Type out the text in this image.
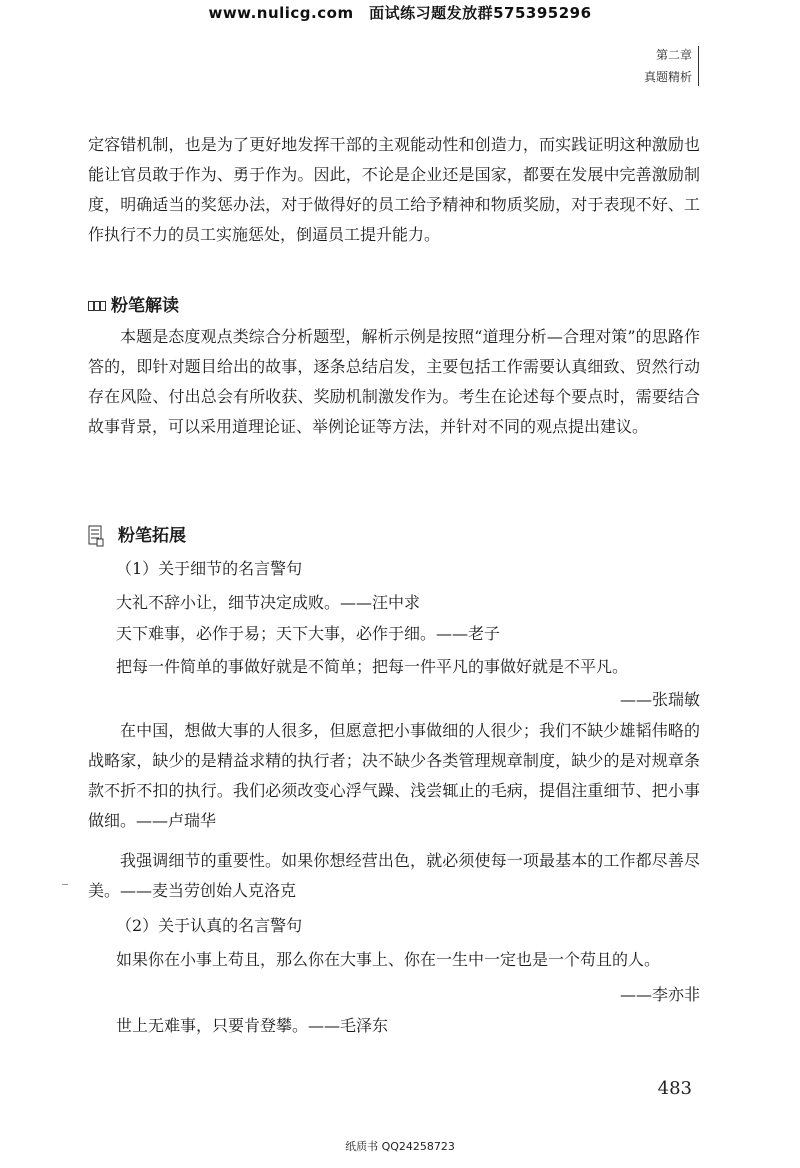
www.nulicg.com　面试练习题发放群575395296
第二章
真题精析

定容错机制，也是为了更好地发挥干部的主观能动性和创造力，而实践证明这种激励也能让官员敢于作为、勇于作为。因此，不论是企业还是国家，都要在发展中完善激励制度，明确适当的奖惩办法，对于做得好的员工给予精神和物质奖励，对于表现不好、工作执行不力的员工实施惩处，倒逼员工提升能力。

粉笔解读

本题是态度观点类综合分析题型，解析示例是按照“道理分析—合理对策”的思路作答的，即针对题目给出的故事，逐条总结启发，主要包括工作需要认真细致、贸然行动存在风险、付出总会有所收获、奖励机制激发作为。考生在论述每个要点时，需要结合故事背景，可以采用道理论证、举例论证等方法，并针对不同的观点提出建议。

粉笔拓展

（1）关于细节的名言警句

大礼不辞小让，细节决定成败。——汪中求

天下难事，必作于易；天下大事，必作于细。——老子

把每一件简单的事做好就是不简单；把每一件平凡的事做好就是不平凡。

——张瑞敏

在中国，想做大事的人很多，但愿意把小事做细的人很少；我们不缺少雄韬伟略的战略家，缺少的是精益求精的执行者；决不缺少各类管理规章制度，缺少的是对规章条款不折不扣的执行。我们必须改变心浮气躁、浅尝辄止的毛病，提倡注重细节、把小事做细。——卢瑞华

我强调细节的重要性。如果你想经营出色，就必须使每一项最基本的工作都尽善尽美。——麦当劳创始人克洛克

（2）关于认真的名言警句

如果你在小事上苟且，那么你在大事上、你在一生中一定也是一个苟且的人。

——李亦非

世上无难事，只要肯登攀。——毛泽东

483
纸质书 QQ24258723
